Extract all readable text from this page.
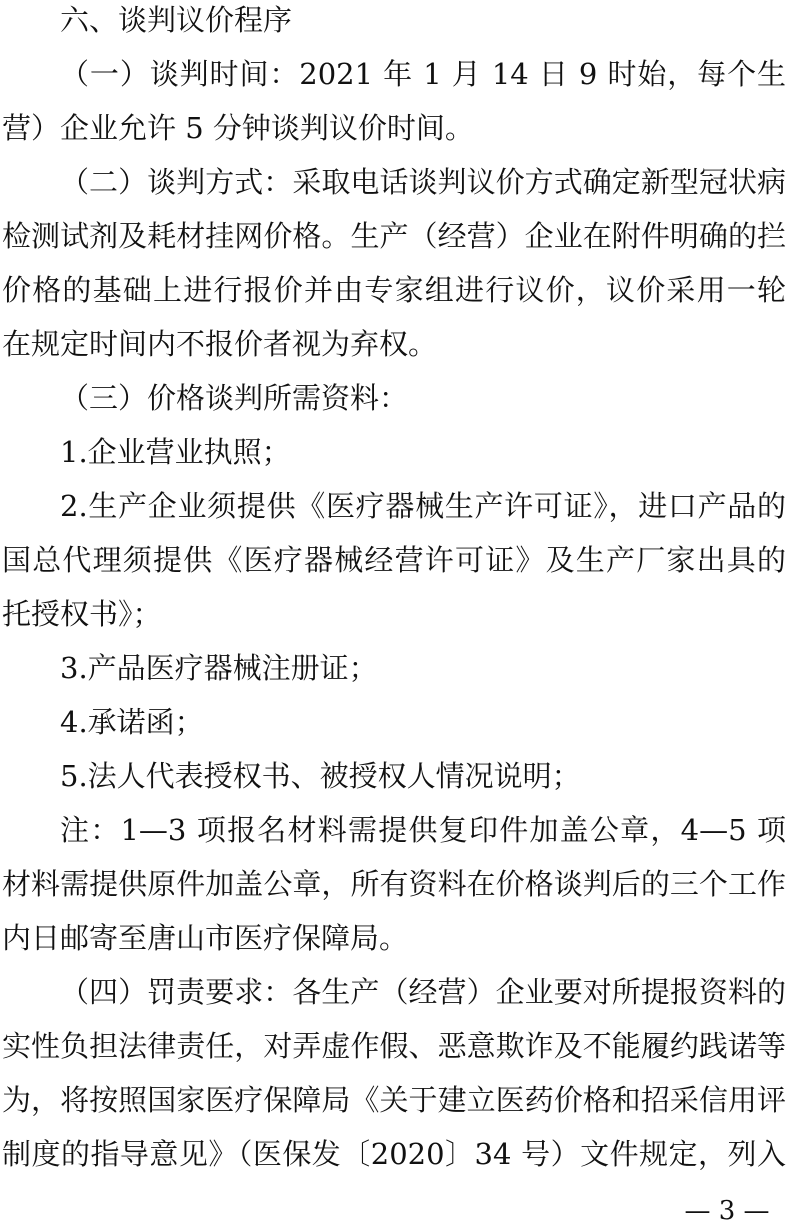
六、谈判议价程序
（一）谈判时间：2021 年 1 月 14 日 9 时始，每个生
营）企业允许 5 分钟谈判议价时间。
（二）谈判方式：采取电话谈判议价方式确定新型冠状病
检测试剂及耗材挂网价格。生产（经营）企业在附件明确的拦
价格的基础上进行报价并由专家组进行议价，议价采用一轮
在规定时间内不报价者视为弃权。
（三）价格谈判所需资料：
1.企业营业执照；
2.生产企业须提供《医疗器械生产许可证》，进口产品的
国总代理须提供《医疗器械经营许可证》及生产厂家出具的
托授权书》；
3.产品医疗器械注册证；
4.承诺函；
5.法人代表授权书、被授权人情况说明；
注：1—3 项报名材料需提供复印件加盖公章，4—5 项
材料需提供原件加盖公章，所有资料在价格谈判后的三个工作
内日邮寄至唐山市医疗保障局。
（四）罚责要求：各生产（经营）企业要对所提报资料的
实性负担法律责任，对弄虚作假、恶意欺诈及不能履约践诺等
为，将按照国家医疗保障局《关于建立医药价格和招采信用评
制度的指导意见》（医保发〔2020〕34 号）文件规定，列入
— 3 —
